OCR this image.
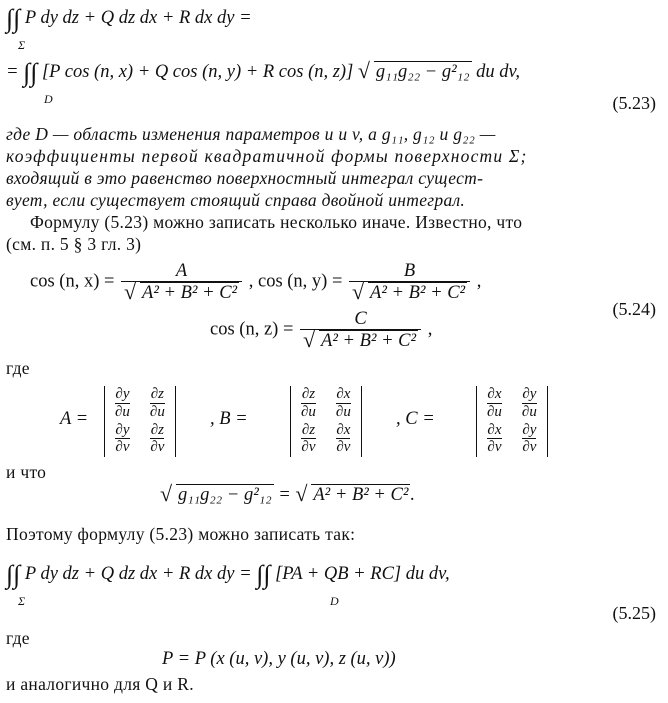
∫∫ P dy dz + Q dz dx + R dx dy =
Σ
= ∫∫ [P cos (n, x) + Q cos (n, y) + R cos (n, z)] √ g₁₁g₂₂ − g²₁₂ du dv,
D	(5.23)
где D — область изменения параметров u и v, а g₁₁, g₁₂ и g₂₂ —
коэффициенты первой квадратичной формы поверхности Σ;
входящий в это равенство поверхностный интеграл сущест-
вует, если существует стоящий справа двойной интеграл.
Формулу (5.23) можно записать несколько иначе. Известно, что
(см. п. 5 § 3 гл. 3)
cos (n, x) = A
√ A² + B² + C² , cos (n, y) = B
√ A² + B² + C² ,
(5.24)
cos (n, z) = C
√ A² + B² + C² ,
где
$A = \frac{\partial y}{\partial u}$	$\frac{\partial z}{\partial u}$

$\frac{\partial y}{\partial v}$	$\frac{\partial z}{\partial v}$
, B =	$\frac{\partial z}{\partial u}$	$\frac{\partial x}{\partial u}$

$\frac{\partial z}{\partial v}$	$\frac{\partial x}{\partial v}$
, C =	$\frac{\partial x}{\partial u}$	$\frac{\partial y}{\partial u}$

$\frac{\partial x}{\partial v}$	$\frac{\partial y}{\partial v}$
и что
√ g₁₁g₂₂ − g²₁₂ = √ A² + B² + C² .
Поэтому формулу (5.23) можно записать так:
∫∫ P dy dz + Q dz dx + R dx dy = ∫∫ [PA + QB + RC] du dv,
Σ	D
(5.25)
где
P = P (x (u, v), y (u, v), z (u, v))
и аналогично для Q и R.
